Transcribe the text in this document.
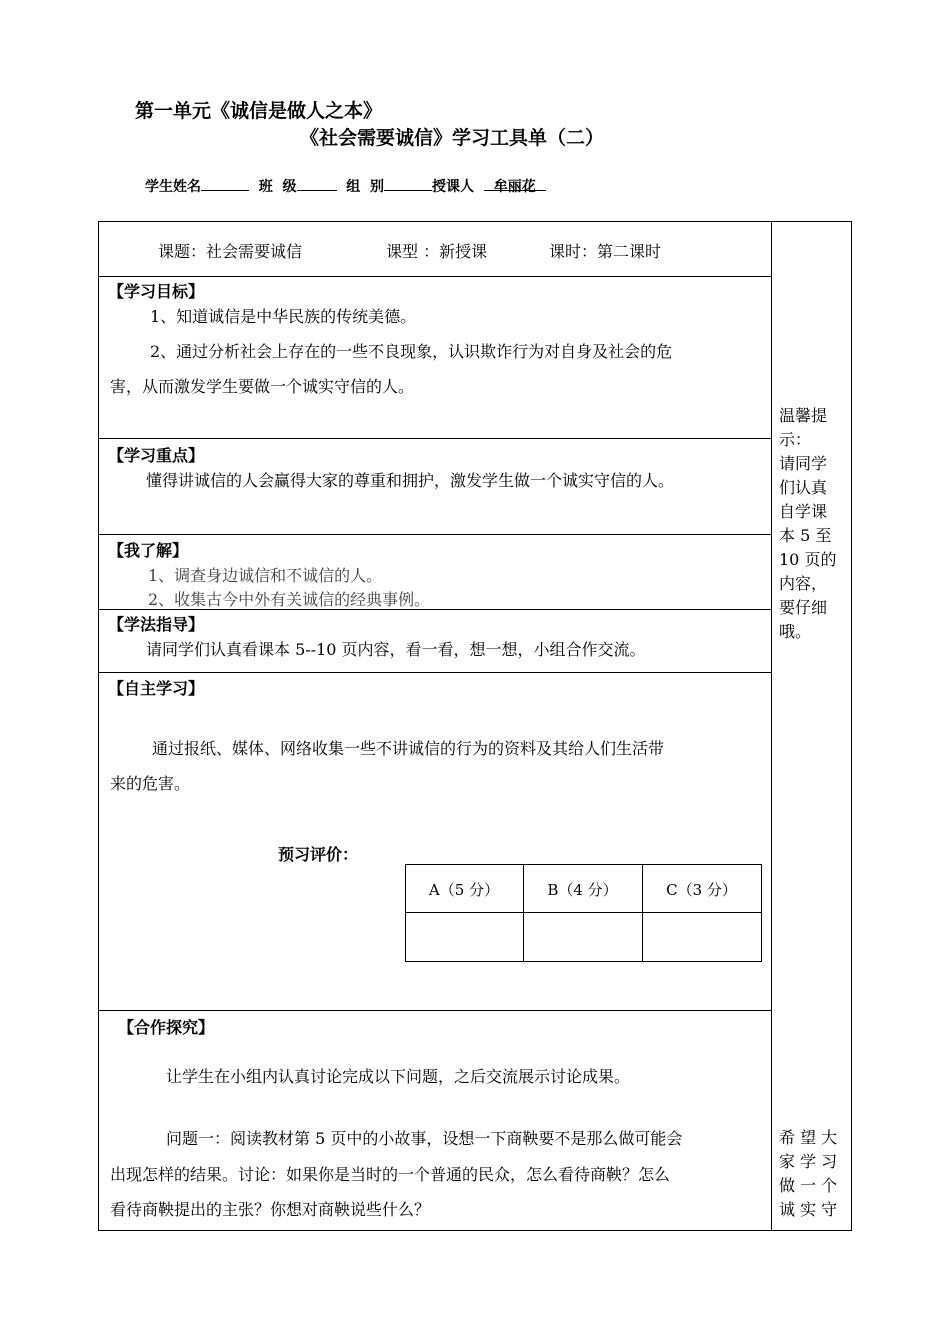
第一单元《诚信是做人之本》
《社会需要诚信》学习工具单（二）
学生姓名	班  级	组  别	授课人 牟丽花
课题：社会需要诚信	课型 ：新授课	课时：第二课时
【学习目标】
1、知道诚信是中华民族的传统美德。
2、通过分析社会上存在的一些不良现象，认识欺诈行为对自身及社会的危
害，从而激发学生要做一个诚实守信的人。
【学习重点】
懂得讲诚信的人会赢得大家的尊重和拥护，激发学生做一个诚实守信的人。
【我了解】
1、调查身边诚信和不诚信的人。
2、收集古今中外有关诚信的经典事例。
【学法指导】
请同学们认真看课本 5--10 页内容，看一看，想一想，小组合作交流。
【自主学习】
通过报纸、媒体、网络收集一些不讲诚信的行为的资料及其给人们生活带
来的危害。
预习评价：
A（5 分）	B（4 分）	C（3 分）
【合作探究】
让学生在小组内认真讨论完成以下问题，之后交流展示讨论成果。
问题一：阅读教材第 5 页中的小故事，设想一下商鞅要不是那么做可能会
出现怎样的结果。讨论：如果你是当时的一个普通的民众，怎么看待商鞅？怎么
看待商鞅提出的主张？你想对商鞅说些什么？
温馨提
示：
请同学
们认真
自学课
本 5 至
10 页的
内容，
要仔细
哦。
希 望 大
家 学 习
做 一 个
诚 实 守
